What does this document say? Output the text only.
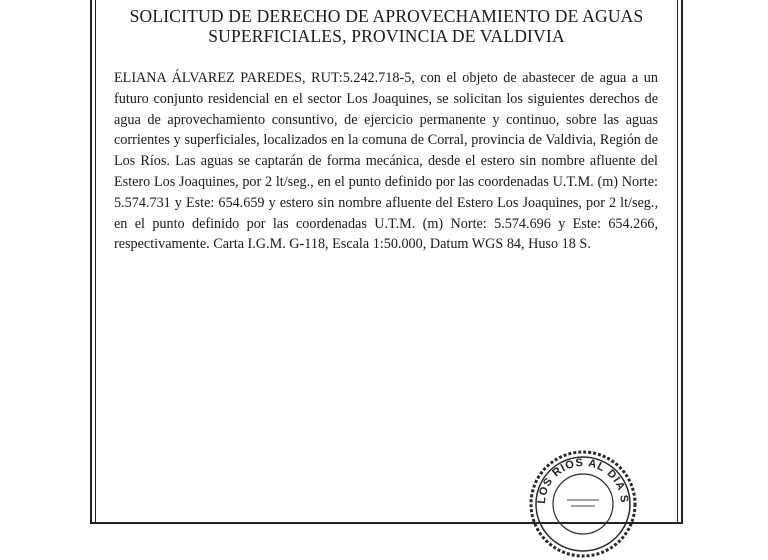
SOLICITUD DE DERECHO DE APROVECHAMIENTO DE AGUAS
SUPERFICIALES, PROVINCIA DE VALDIVIA
ELIANA ÁLVAREZ PAREDES, RUT:5.242.718-5, con el objeto de abastecer de agua a un futuro conjunto residencial en el sector Los Joaquines, se solicitan los siguientes derechos de agua de aprovechamiento consuntivo, de ejercicio permanente y continuo, sobre las aguas corrientes y superficiales, localizados en la comuna de Corral, provincia de Valdivia, Región de Los Ríos. Las aguas se captarán de forma mecánica, desde el estero sin nombre afluente del Estero Los Joaquines, por 2 lt/seg., en el punto definido por las coordenadas U.T.M. (m) Norte: 5.574.731 y Este: 654.659 y estero sin nombre afluente del Estero Los Joaquines, por 2 lt/seg., en el punto definido por las coordenadas U.T.M. (m) Norte: 5.574.696 y Este: 654.266, respectivamente. Carta I.G.M. G-118, Escala 1:50.000, Datum WGS 84, Huso 18 S.
LOS RIOS AL DIA S
